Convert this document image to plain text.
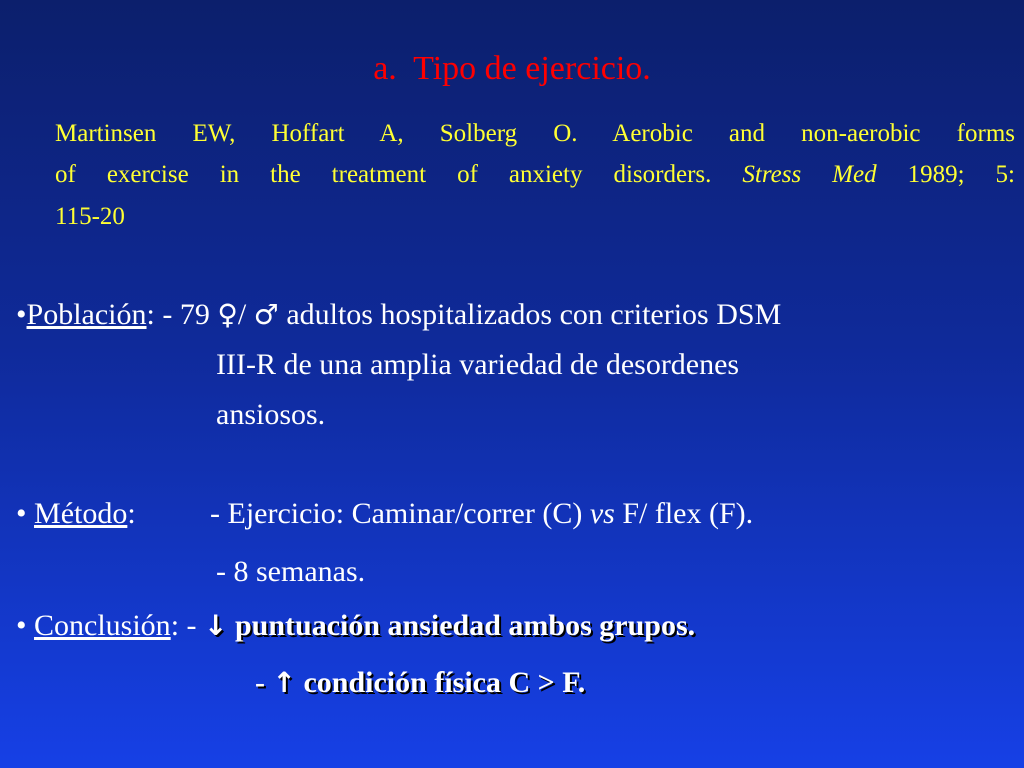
a.  Tipo de ejercicio.
Martinsen EW, Hoffart A, Solberg O. Aerobic and non-aerobic forms
of exercise in the treatment of anxiety disorders. Stress Med 1989; 5:
115-20
•Población: - 79 ♀/ ♂ adultos hospitalizados con criterios DSM
III-R de una amplia variedad de desordenes
ansiosos.
• Método: - Ejercicio: Caminar/correr (C) vs F/ flex (F).
- 8 semanas.
• Conclusión: - ↓ puntuación ansiedad ambos grupos.
- ↑ condición física C > F.
